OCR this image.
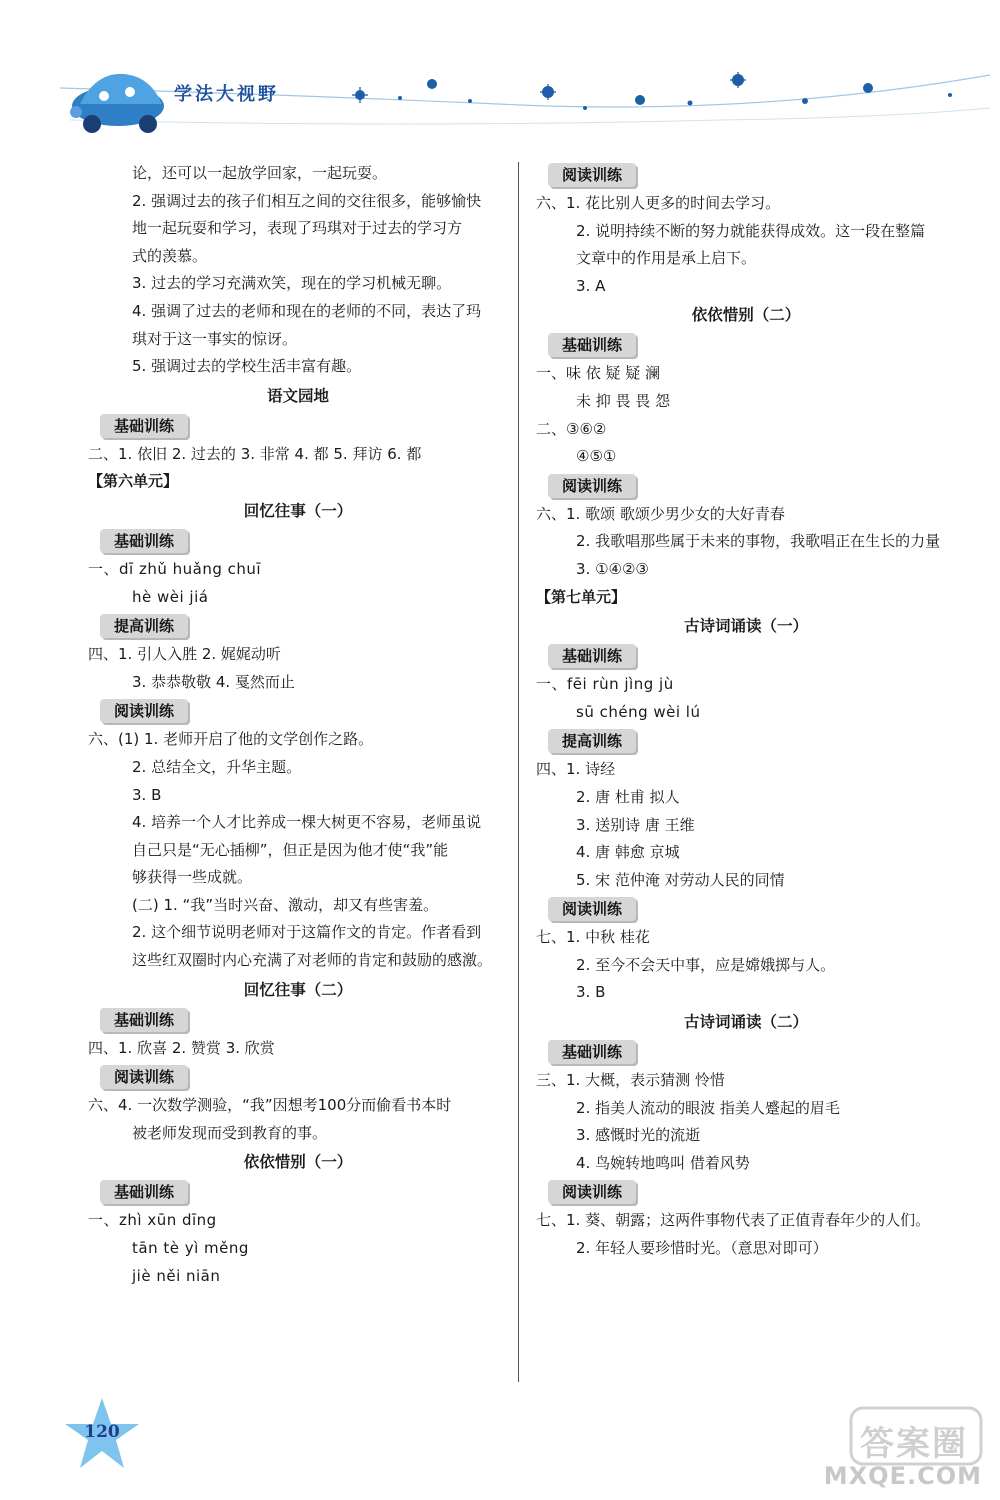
学法大视野
论，还可以一起放学回家，一起玩耍。
2. 强调过去的孩子们相互之间的交往很多，能够愉快
地一起玩耍和学习，表现了玛琪对于过去的学习方
式的羡慕。
3. 过去的学习充满欢笑，现在的学习机械无聊。
4. 强调了过去的老师和现在的老师的不同，表达了玛
琪对于这一事实的惊讶。
5. 强调过去的学校生活丰富有趣。
语文园地
基础训练
二、1. 依旧 2. 过去的 3. 非常 4. 都 5. 拜访 6. 都
【第六单元】
回忆往事（一）
基础训练
一、dī zhǔ huǎng chuī
hè wèi jiá
提高训练
四、1. 引人入胜 2. 娓娓动听
3. 恭恭敬敬 4. 戛然而止
阅读训练
六、(1) 1. 老师开启了他的文学创作之路。
2. 总结全文，升华主题。
3. B
4. 培养一个人才比养成一棵大树更不容易，老师虽说
自己只是“无心插柳”，但正是因为他才使“我”能
够获得一些成就。
(二) 1. “我”当时兴奋、激动，却又有些害羞。
2. 这个细节说明老师对于这篇作文的肯定。作者看到
这些红双圈时内心充满了对老师的肯定和鼓励的感激。
回忆往事（二）
基础训练
四、1. 欣喜 2. 赞赏 3. 欣赏
阅读训练
六、4. 一次数学测验，“我”因想考100分而偷看书本时
被老师发现而受到教育的事。
依依惜别（一）
基础训练
一、zhì xūn dīng
tān tè yì měng
jiè něi niān
阅读训练
六、1. 花比别人更多的时间去学习。
2. 说明持续不断的努力就能获得成效。这一段在整篇
文章中的作用是承上启下。
3. A
依依惜别（二）
基础训练
一、味 依 疑 疑 澜
未 抑 畏 畏 怨
二、③⑥②
④⑤①
阅读训练
六、1. 歌颂 歌颂少男少女的大好青春
2. 我歌唱那些属于未来的事物，我歌唱正在生长的力量
3. ①④②③
【第七单元】
古诗词诵读（一）
基础训练
一、fēi rùn jìng jù
sū chéng wèi lú
提高训练
四、1. 诗经
2. 唐 杜甫 拟人
3. 送别诗 唐 王维
4. 唐 韩愈 京城
5. 宋 范仲淹 对劳动人民的同情
阅读训练
七、1. 中秋 桂花
2. 至今不会天中事，应是嫦娥掷与人。
3. B
古诗词诵读（二）
基础训练
三、1. 大概，表示猜测 怜惜
2. 指美人流动的眼波 指美人蹙起的眉毛
3. 感慨时光的流逝
4. 鸟婉转地鸣叫 借着风势
阅读训练
七、1. 葵、朝露；这两件事物代表了正值青春年少的人们。
2. 年轻人要珍惜时光。（意思对即可）
120	答案圈
MXQE.COM
